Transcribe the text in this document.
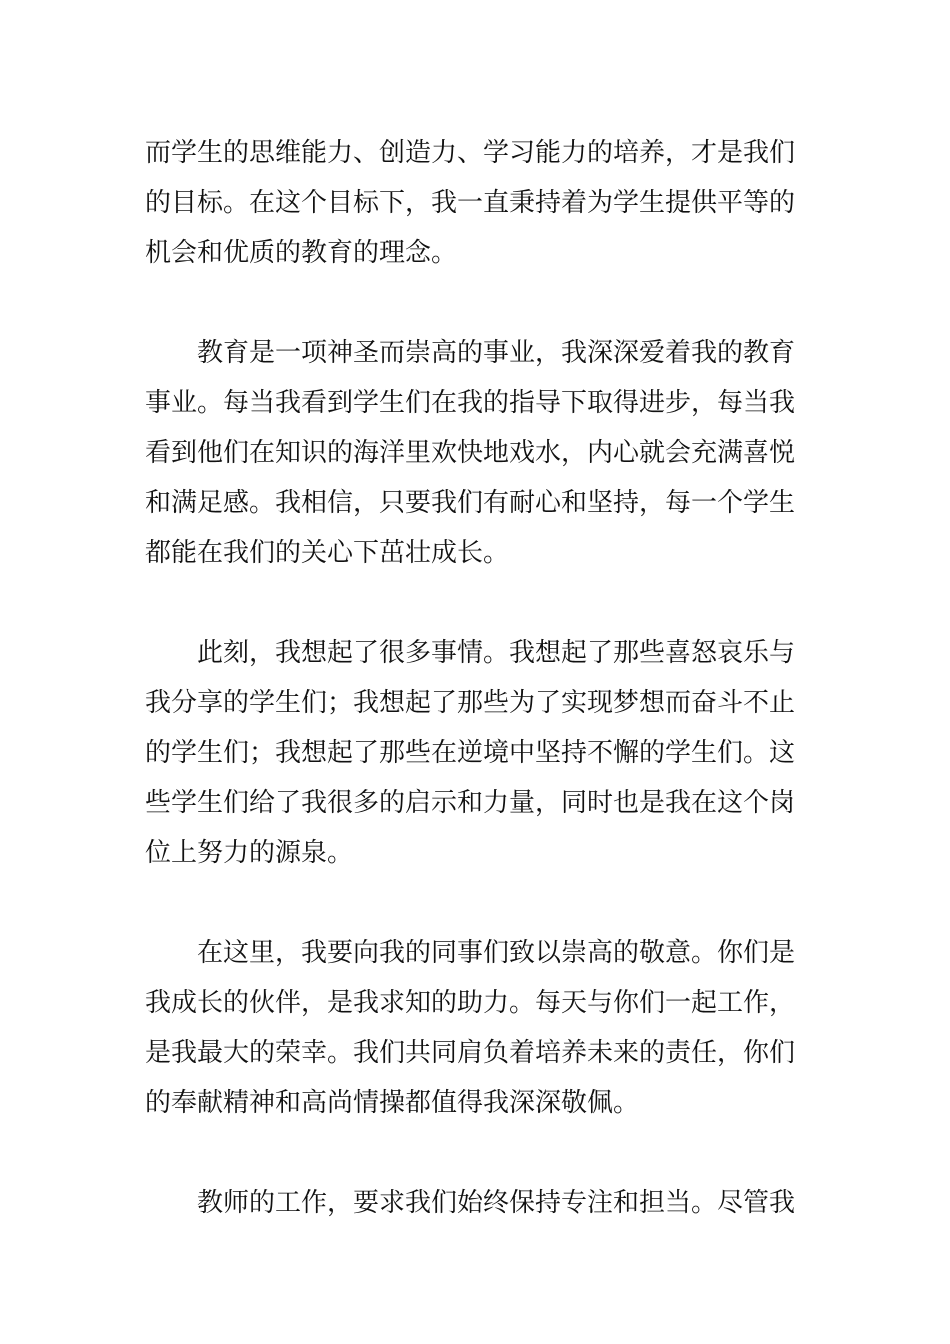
而学生的思维能力、创造力、学习能力的培养，才是我们
的目标。在这个目标下，我一直秉持着为学生提供平等的
机会和优质的教育的理念。

教育是一项神圣而崇高的事业，我深深爱着我的教育
事业。每当我看到学生们在我的指导下取得进步，每当我
看到他们在知识的海洋里欢快地戏水，内心就会充满喜悦
和满足感。我相信，只要我们有耐心和坚持，每一个学生
都能在我们的关心下茁壮成长。

此刻，我想起了很多事情。我想起了那些喜怒哀乐与
我分享的学生们；我想起了那些为了实现梦想而奋斗不止
的学生们；我想起了那些在逆境中坚持不懈的学生们。这
些学生们给了我很多的启示和力量，同时也是我在这个岗
位上努力的源泉。

在这里，我要向我的同事们致以崇高的敬意。你们是
我成长的伙伴，是我求知的助力。每天与你们一起工作，
是我最大的荣幸。我们共同肩负着培养未来的责任，你们
的奉献精神和高尚情操都值得我深深敬佩。

教师的工作，要求我们始终保持专注和担当。尽管我
